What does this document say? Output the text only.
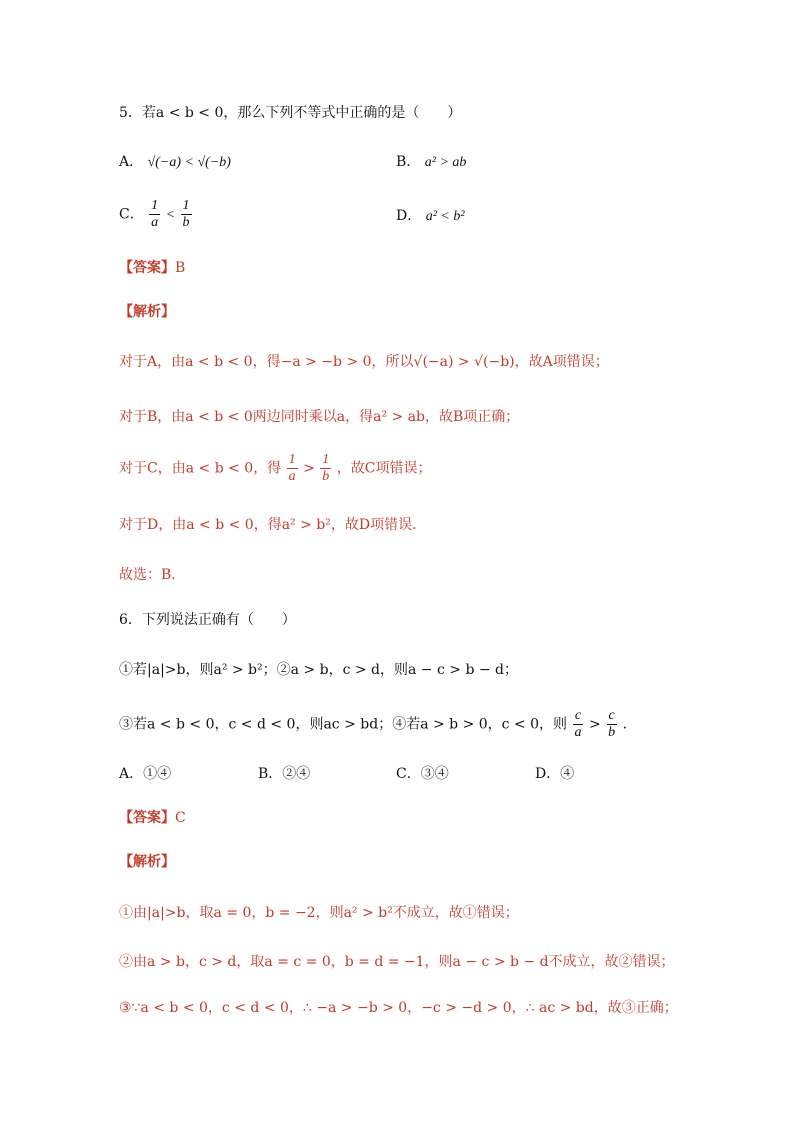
5．若a < b < 0，那么下列不等式中正确的是（　　）
A． √(−a) < √(−b)	B． a² > ab
C． $\frac{1}{a} < \frac{1}{b}$	D． a² < b²
【答案】B
【解析】
对于A，由a < b < 0，得−a > −b > 0，所以√(−a) > √(−b)，故A项错误；
对于B，由a < b < 0两边同时乘以a，得a² > ab，故B项正确；
对于C，由a < b < 0，得 $\frac{1}{a} > \frac{1}{b}$ ，故C项错误；
对于D，由a < b < 0，得a² > b²，故D项错误．
故选：B．
6．下列说法正确有（　　）
①若|a|>b，则a² > b²；②a > b，c > d，则a − c > b − d；
③若a < b < 0，c < d < 0，则ac > bd；④若a > b > 0，c < 0，则 $\frac{c}{a} > \frac{c}{b}$ ．
A．①④	B．②④	C．③④	D．④
【答案】C
【解析】
①由|a|>b，取a = 0，b = −2，则a² > b²不成立，故①错误；
②由a > b，c > d，取a = c = 0，b = d = −1，则a − c > b − d不成立，故②错误；
③∵a < b < 0，c < d < 0，∴ −a > −b > 0，−c > −d > 0，∴ ac > bd，故③正确；
